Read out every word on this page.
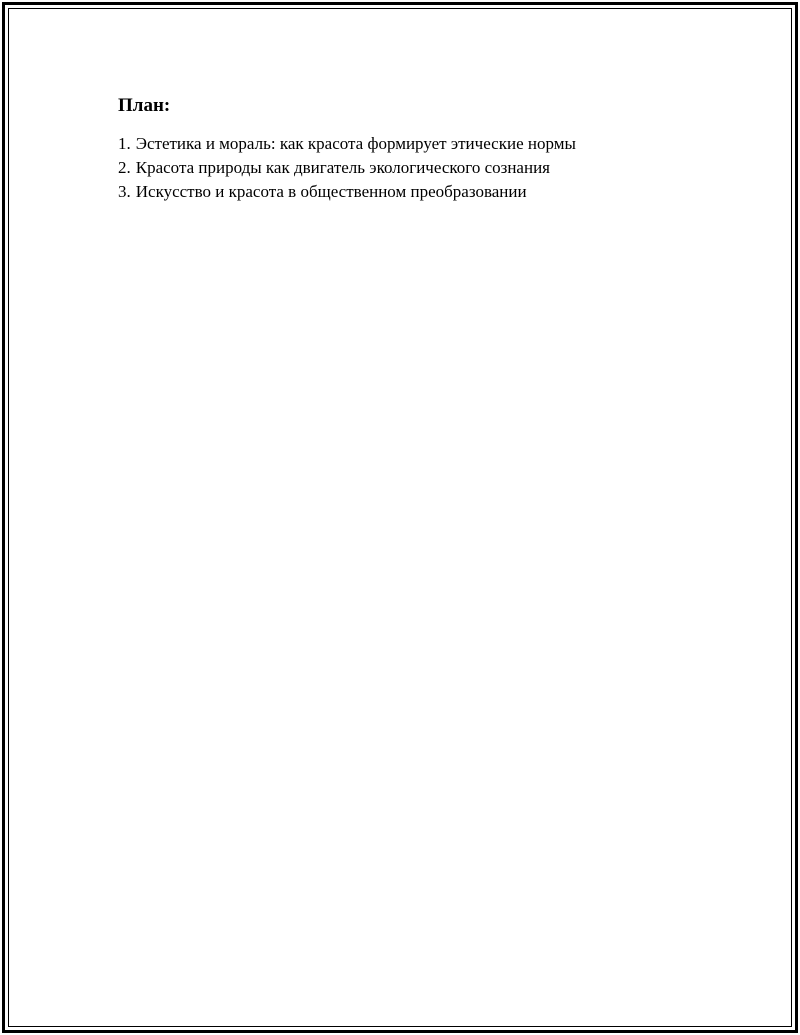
План:
1. Эстетика и мораль: как красота формирует этические нормы
2. Красота природы как двигатель экологического сознания
3. Искусство и красота в общественном преобразовании
